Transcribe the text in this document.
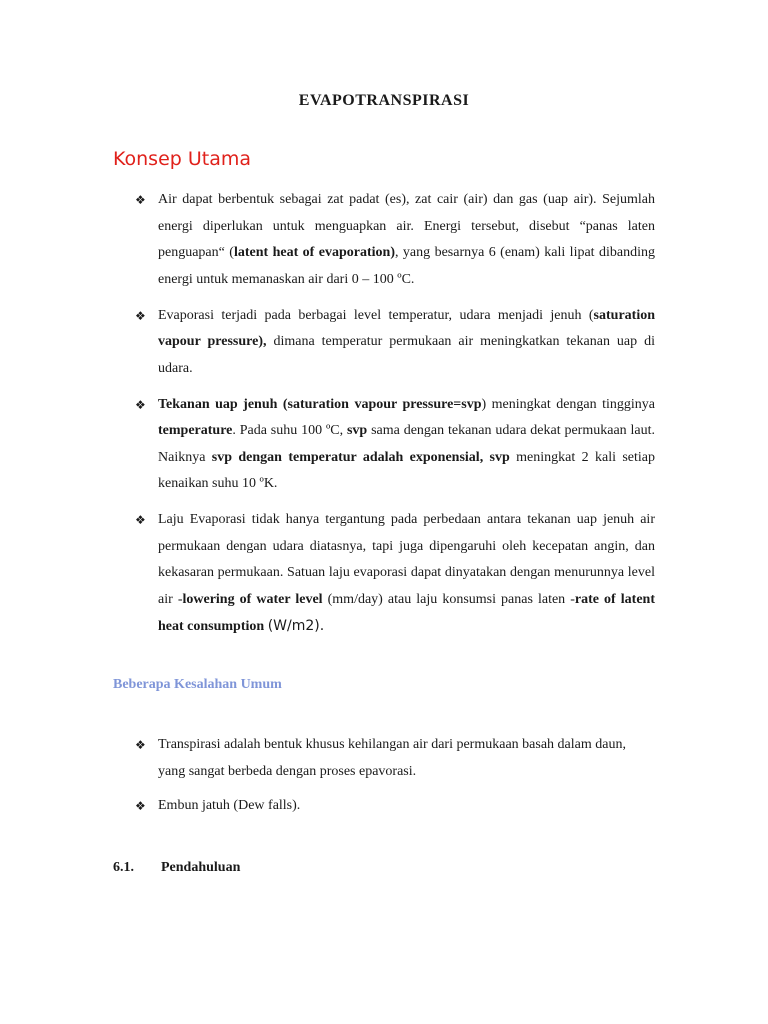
EVAPOTRANSPIRASI
Konsep Utama
❖ Air dapat berbentuk sebagai zat padat (es), zat cair (air) dan gas (uap air). Sejumlah energi diperlukan untuk menguapkan air. Energi tersebut, disebut “panas laten penguapan“ (latent heat of evaporation), yang besarnya 6 (enam) kali lipat dibanding energi untuk memanaskan air dari 0 – 100 ºC.
❖ Evaporasi terjadi pada berbagai level temperatur, udara menjadi jenuh (saturation vapour pressure), dimana temperatur permukaan air meningkatkan tekanan uap di udara.
❖ Tekanan uap jenuh (saturation vapour pressure=svp) meningkat dengan tingginya temperature. Pada suhu 100 ºC, svp sama dengan tekanan udara dekat permukaan laut. Naiknya svp dengan temperatur adalah exponensial, svp meningkat 2 kali setiap kenaikan suhu 10 ºK.
❖ Laju Evaporasi tidak hanya tergantung pada perbedaan antara tekanan uap jenuh air permukaan dengan udara diatasnya, tapi juga dipengaruhi oleh kecepatan angin, dan kekasaran permukaan. Satuan laju evaporasi dapat dinyatakan dengan menurunnya level air -lowering of water level (mm/day) atau laju konsumsi panas laten -rate of latent heat consumption (W/m2).
Beberapa Kesalahan Umum
❖ Transpirasi adalah bentuk khusus kehilangan air dari permukaan basah dalam daun, yang sangat berbeda dengan proses epavorasi.
❖ Embun jatuh (Dew falls).
6.1. Pendahuluan
